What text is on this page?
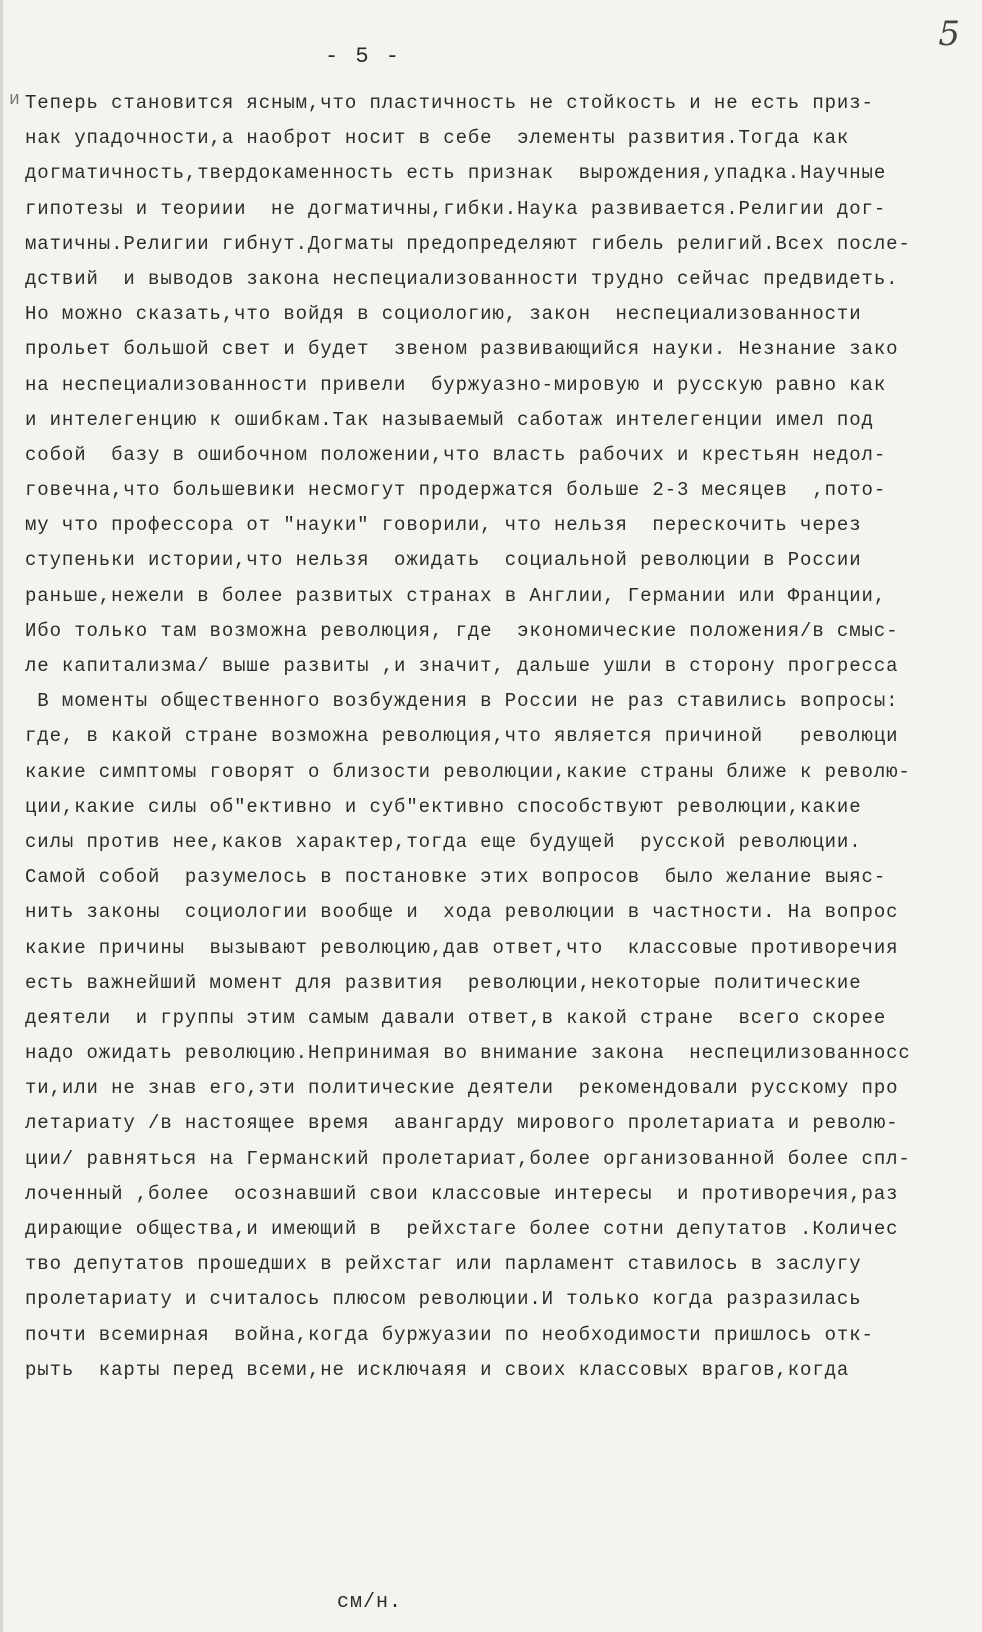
5
- 5 -
и Теперь становится ясным,что пластичность не стойкость и не есть приз-
нак упадочности,а наоброт носит в себе  элементы развития.Тогда как
догматичность,твердокаменность есть признак  вырождения,упадка.Научные
гипотезы и теориии  не догматичны,гибки.Наука развивается.Религии дог-
матичны.Религии гибнут.Догматы предопределяют гибель религий.Всех после-
дствий  и выводов закона неспециализованности трудно сейчас предвидеть.
Но можно сказать,что войдя в социологию, закон  неспециализованности
прольет большой свет и будет  звеном развивающийся науки. Незнание зако
на неспециализованности привели  буржуазно-мировую и русскую равно как
и интелегенцию к ошибкам.Так называемый саботаж интелегенции имел под
собой  базу в ошибочном положении,что власть рабочих и крестьян недол-
говечна,что большевики несмогут продержатся больше 2-3 месяцев  ,пото-
му что профессора от "науки" говорили, что нельзя  перескочить через
ступеньки истории,что нельзя  ожидать  социальной революции в России
раньше,нежели в более развитых странах в Англии, Германии или Франции,
Ибо только там возможна революция, где  экономические положения/в смыс-
ле капитализма/ выше развиты ,и значит, дальше ушли в сторону прогресса
В моменты общественного возбуждения в России не раз ставились вопросы:
где, в какой стране возможна революция,что является причиной   революци
какие симптомы говорят о близости революции,какие страны ближе к револю-
ции,какие силы об"ективно и суб"ективно способствуют революции,какие
силы против нее,каков характер,тогда еще будущей  русской революции.
Самой собой  разумелось в постановке этих вопросов  было желание выяс-
нить законы  социологии вообще и  хода революции в частности. На вопрос
какие причины  вызывают революцию,дав ответ,что  классовые противоречия
есть важнейший момент для развития  революции,некоторые политические
деятели  и группы этим самым давали ответ,в какой стране  всего скорее
надо ожидать революцию.Непринимая во внимание закона  неспецилизованносс
ти,или не знав его,эти политические деятели  рекомендовали русскому про
летариату /в настоящее время  авангарду мирового пролетариата и револю-
ции/ равняться на Германский пролетариат,более организованной более спл-
лоченный ,более  осознавший свои классовые интересы  и противоречия,раз
дирающие общества,и имеющий в  рейхстаге более сотни депутатов .Количес
тво депутатов прошедших в рейхстаг или парламент ставилось в заслугу
пролетариату и считалось плюсом революции.И только когда разразилась
почти всемирная  война,когда буржуазии по необходимости пришлось отк-
рыть  карты перед всеми,не исключаяя и своих классовых врагов,когда
см/н.
